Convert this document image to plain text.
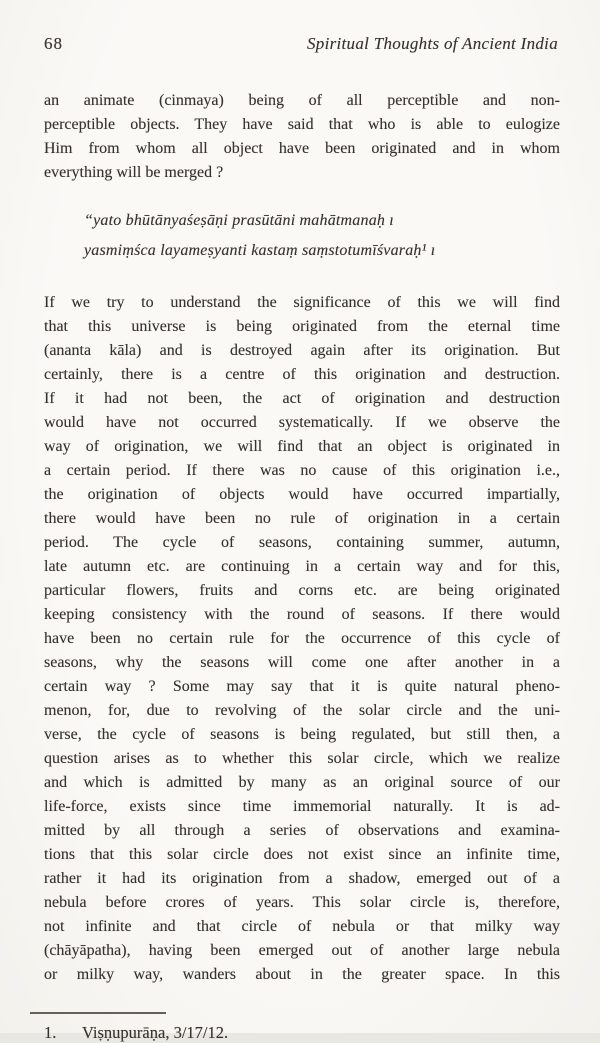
68	Spiritual Thoughts of Ancient India
an animate (cinmaya) being of all perceptible and non-
perceptible objects. They have said that who is able to eulogize
Him from whom all object have been originated and in whom
everything will be merged ?
“yato bhūtānyaśeṣāṇi prasūtāni mahātmanaḥ ı
yasmiṃśca layameṣyanti kastaṃ saṃstotumīśvaraḥ¹ ı
If we try to understand the significance of this we will find
that this universe is being originated from the eternal time
(ananta kāla) and is destroyed again after its origination. But
certainly, there is a centre of this origination and destruction.
If it had not been, the act of origination and destruction
would have not occurred systematically. If we observe the
way of origination, we will find that an object is originated in
a certain period. If there was no cause of this origination i.e.,
the origination of objects would have occurred impartially,
there would have been no rule of origination in a certain
period. The cycle of seasons, containing summer, autumn,
late autumn etc. are continuing in a certain way and for this,
particular flowers, fruits and corns etc. are being originated
keeping consistency with the round of seasons. If there would
have been no certain rule for the occurrence of this cycle of
seasons, why the seasons will come one after another in a
certain way ? Some may say that it is quite natural pheno-
menon, for, due to revolving of the solar circle and the uni-
verse, the cycle of seasons is being regulated, but still then, a
question arises as to whether this solar circle, which we realize
and which is admitted by many as an original source of our
life-force, exists since time immemorial naturally. It is ad-
mitted by all through a series of observations and examina-
tions that this solar circle does not exist since an infinite time,
rather it had its origination from a shadow, emerged out of a
nebula before crores of years. This solar circle is, therefore,
not infinite and that circle of nebula or that milky way
(chāyāpatha), having been emerged out of another large nebula
or milky way, wanders about in the greater space. In this
1. Viṣṇupurāṇa, 3/17/12.
